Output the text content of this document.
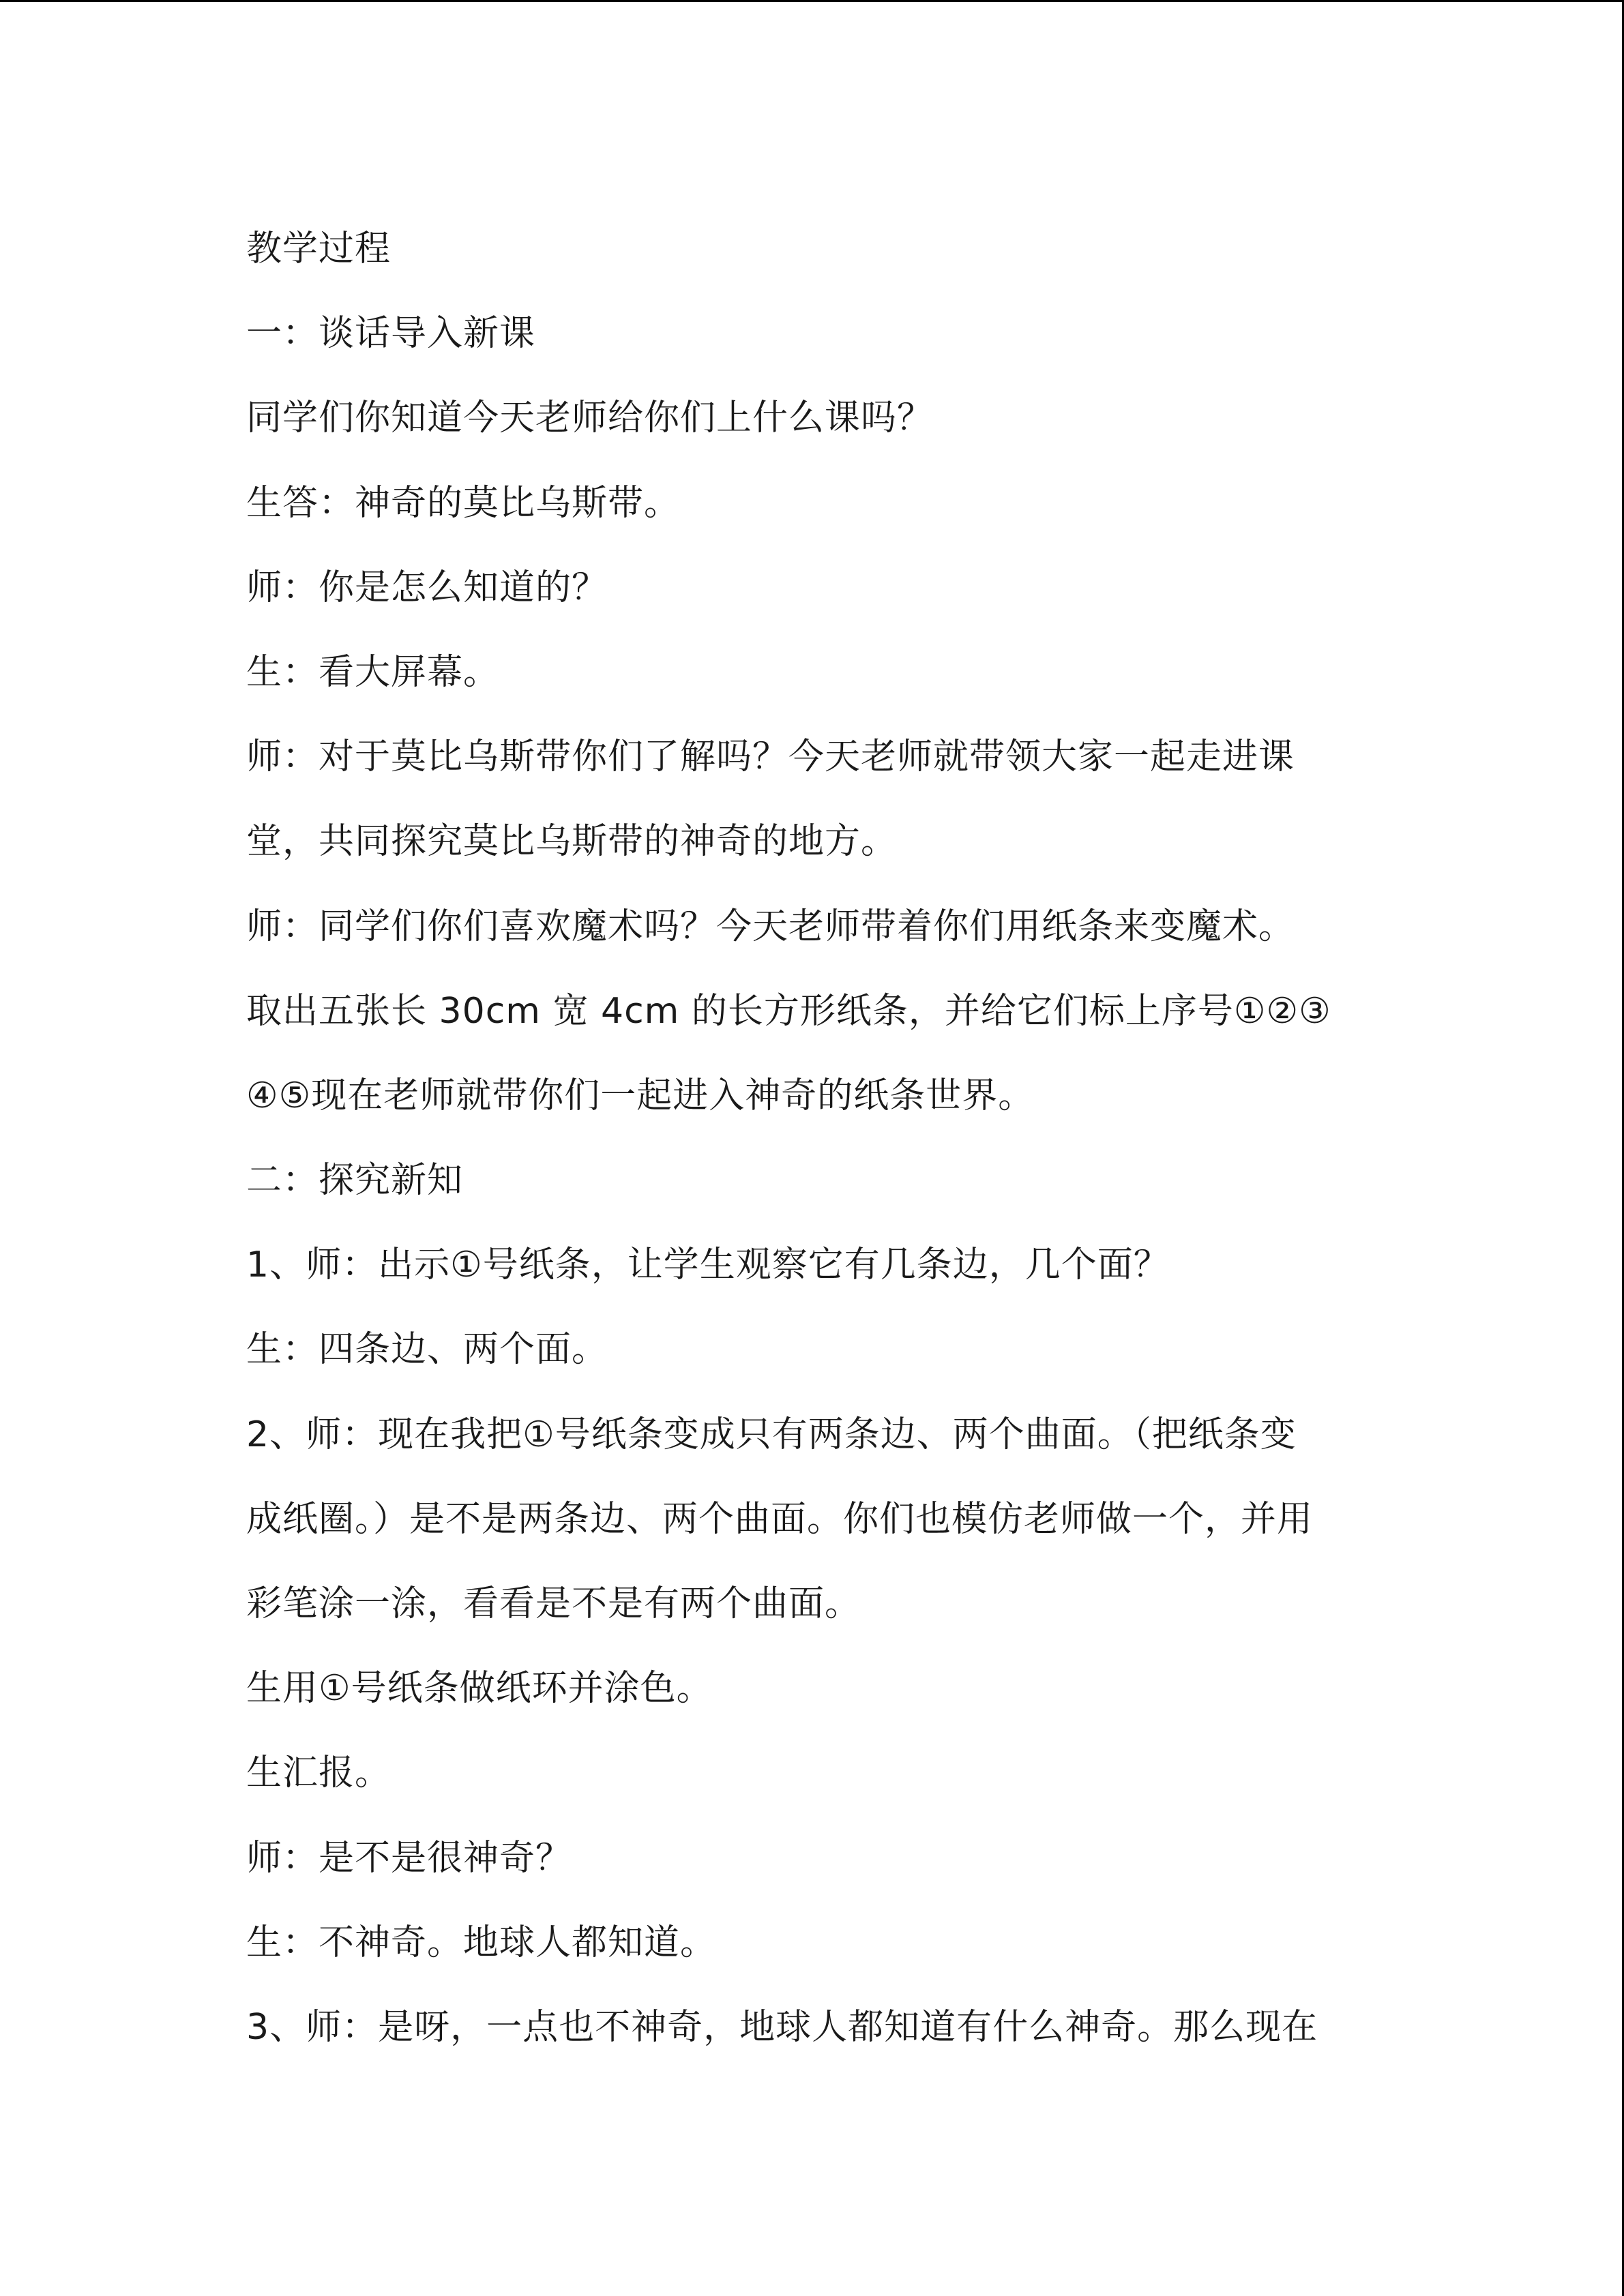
教学过程
一：谈话导入新课
同学们你知道今天老师给你们上什么课吗？
生答：神奇的莫比乌斯带。
师：你是怎么知道的？
生：看大屏幕。
师：对于莫比乌斯带你们了解吗？今天老师就带领大家一起走进课
堂，共同探究莫比乌斯带的神奇的地方。
师：同学们你们喜欢魔术吗？今天老师带着你们用纸条来变魔术。
取出五张长 30cm 宽 4cm 的长方形纸条，并给它们标上序号①②③
④⑤现在老师就带你们一起进入神奇的纸条世界。
二：探究新知
1、师：出示①号纸条，让学生观察它有几条边，几个面？
生：四条边、两个面。
2、师：现在我把①号纸条变成只有两条边、两个曲面。（把纸条变
成纸圈。）是不是两条边、两个曲面。你们也模仿老师做一个，并用
彩笔涂一涂，看看是不是有两个曲面。
生用①号纸条做纸环并涂色。
生汇报。
师：是不是很神奇？
生：不神奇。地球人都知道。
3、师：是呀，一点也不神奇，地球人都知道有什么神奇。那么现在
